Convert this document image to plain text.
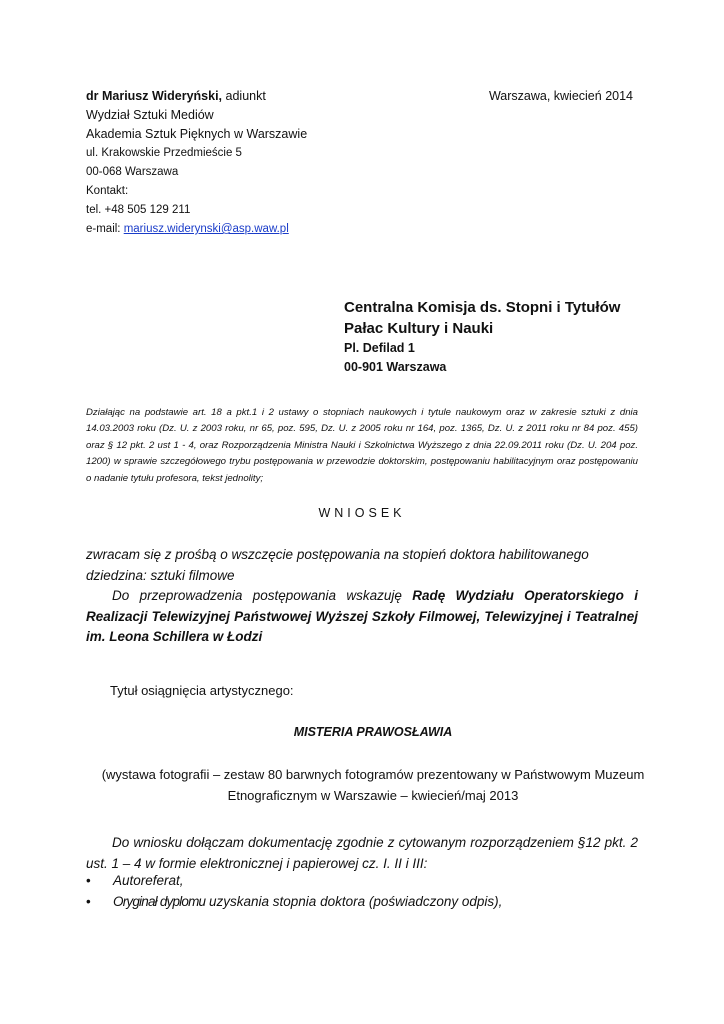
dr Mariusz Wideryński, adiunkt
Wydział Sztuki Mediów
Akademia Sztuk Pięknych w Warszawie
ul. Krakowskie Przedmieście 5
00-068 Warszawa
Kontakt:
tel. +48 505 129 211
e-mail: mariusz.widerynski@asp.waw.pl
Warszawa, kwiecień 2014
Centralna Komisja ds. Stopni i Tytułów
Pałac Kultury i Nauki
Pl. Defilad 1
00-901 Warszawa
Działając na podstawie art. 18 a pkt.1 i 2 ustawy o stopniach naukowych i tytule naukowym oraz w zakresie sztuki z dnia 14.03.2003 roku (Dz. U. z 2003 roku, nr 65, poz. 595, Dz. U. z 2005 roku nr 164, poz. 1365, Dz. U. z 2011 roku nr 84 poz. 455) oraz § 12 pkt. 2 ust 1 - 4, oraz Rozporządzenia Ministra Nauki i Szkolnictwa Wyższego z dnia 22.09.2011 roku (Dz. U. 204 poz. 1200) w sprawie szczegółowego trybu postępowania w przewodzie doktorskim, postępowaniu habilitacyjnym oraz postępowaniu o nadanie tytułu profesora, tekst jednolity;
WNIOSEK

zwracam się z prośbą o wszczęcie postępowania na stopień doktora habilitowanego

dziedzina: sztuki filmowe

Do przeprowadzenia postępowania wskazuję Radę Wydziału Operatorskiego i Realizacji Telewizyjnej Państwowej Wyższej Szkoły Filmowej, Telewizyjnej i Teatralnej im. Leona Schillera w Łodzi

Tytuł osiągnięcia artystycznego:
MISTERIA PRAWOSŁAWIA
(wystawa fotografii – zestaw 80 barwnych fotogramów prezentowany w Państwowym Muzeum Etnograficznym w Warszawie – kwiecień/maj 2013

Do wniosku dołączam dokumentację zgodnie z cytowanym rozporządzeniem §12 pkt. 2 ust. 1 – 4 w formie elektronicznej i papierowej cz. I. II i III:

• Autoreferat,
• Oryginał dyplomu uzyskania stopnia doktora (poświadczony odpis),
